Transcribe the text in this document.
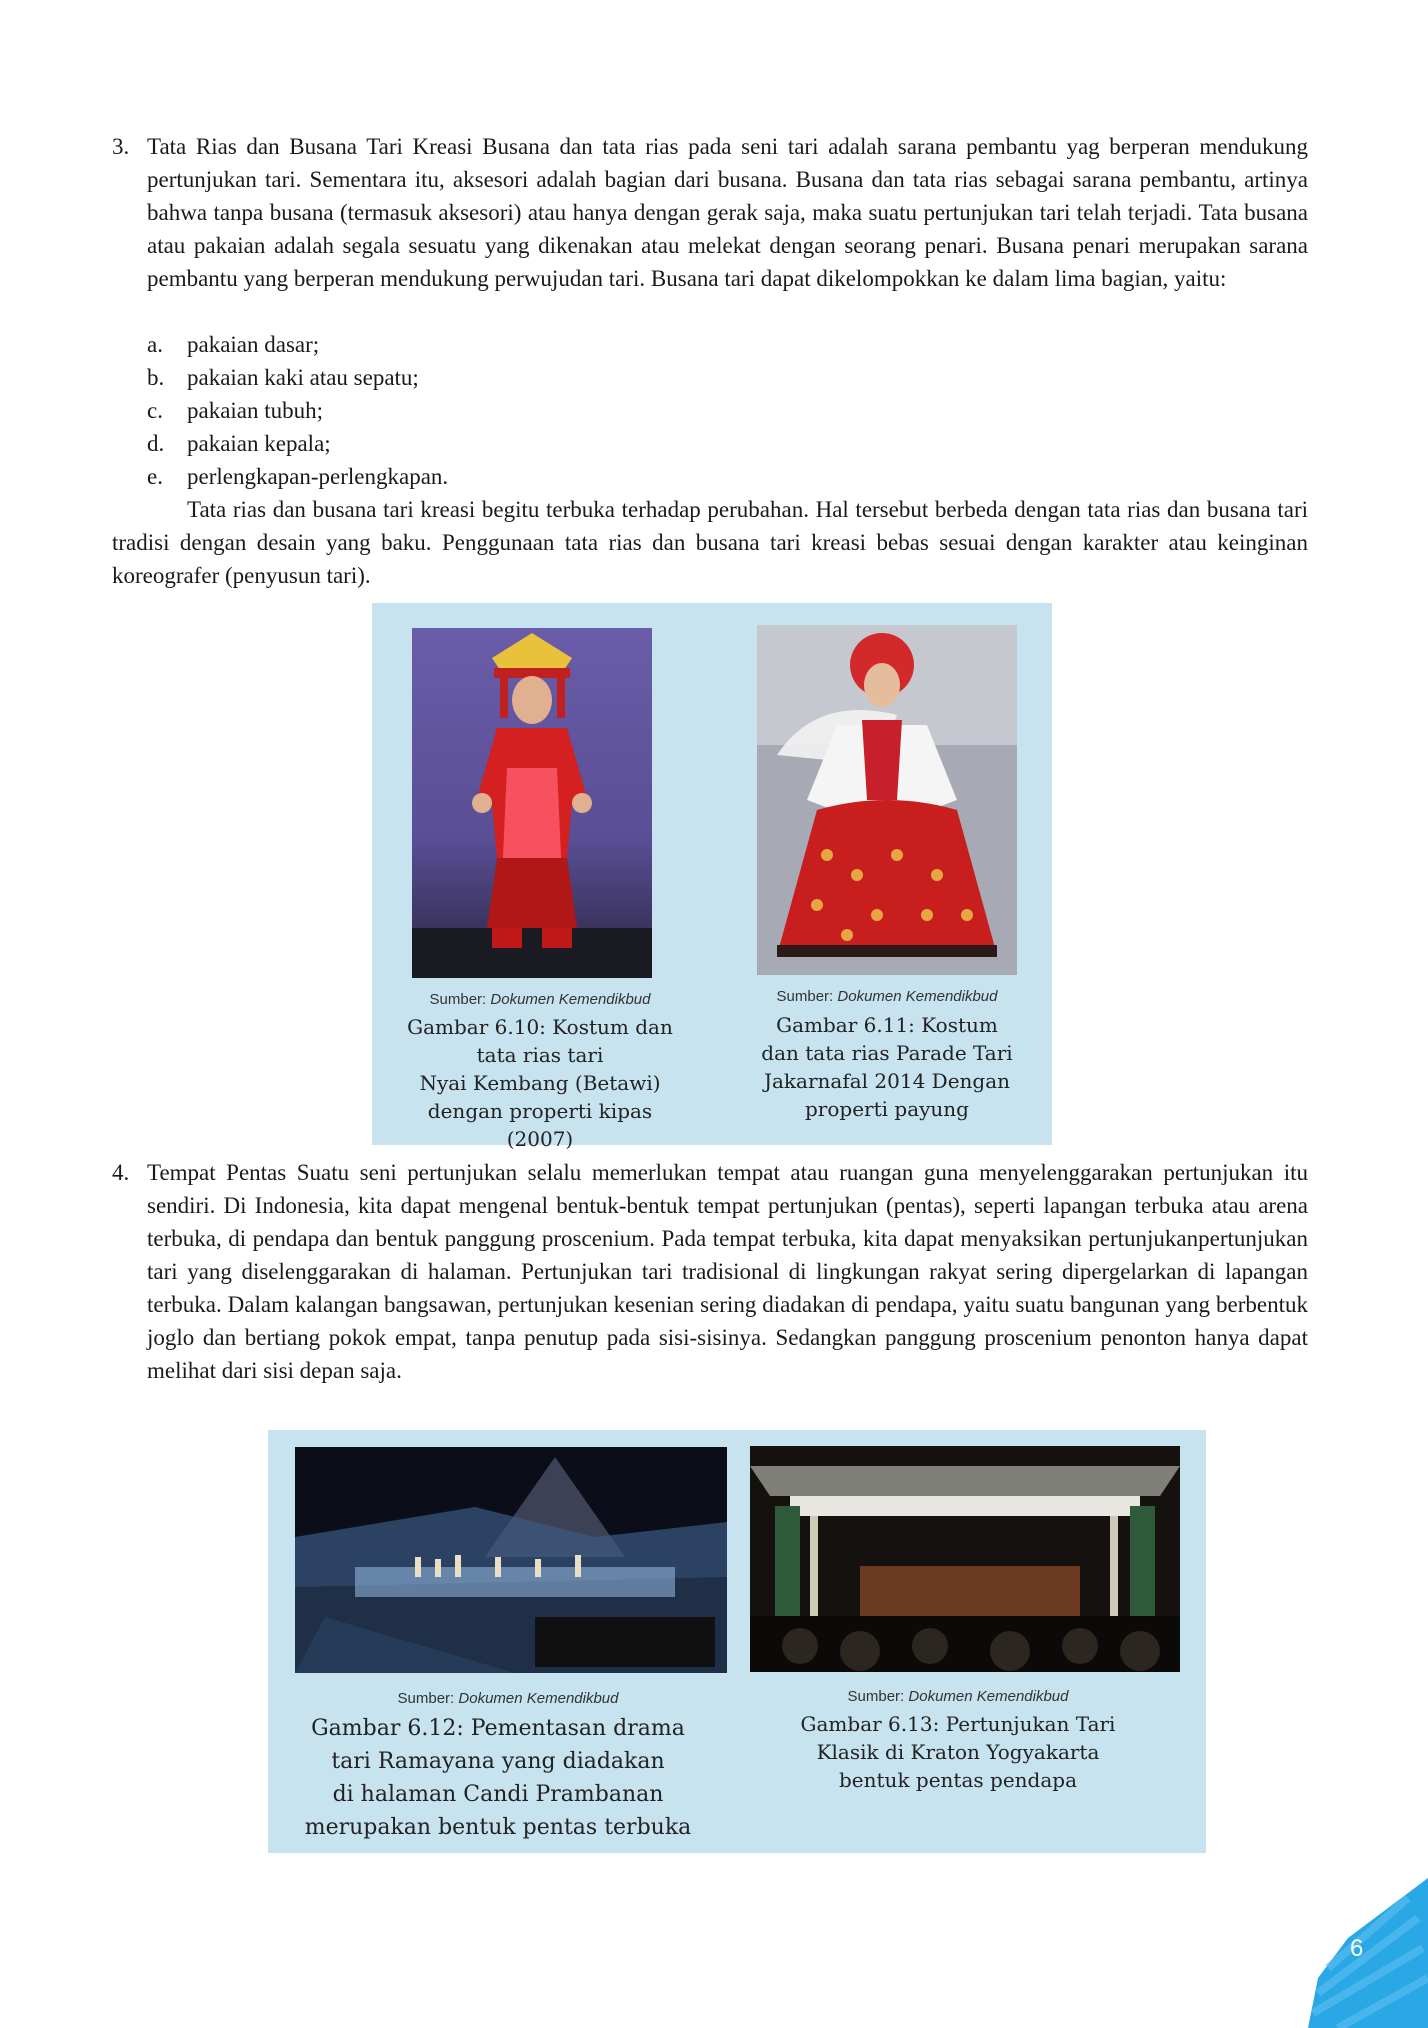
3. Tata Rias dan Busana Tari Kreasi Busana dan tata rias pada seni tari adalah sarana pembantu yag berperan mendukung pertunjukan tari. Sementara itu, aksesori adalah bagian dari busana. Busana dan tata rias sebagai sarana pembantu, artinya bahwa tanpa busana (termasuk aksesori) atau hanya dengan gerak saja, maka suatu pertunjukan tari telah terjadi. Tata busana atau pakaian adalah segala sesuatu yang dikenakan atau melekat dengan seorang penari. Busana penari merupakan sarana pembantu yang berperan mendukung perwujudan tari. Busana tari dapat dikelompokkan ke dalam lima bagian, yaitu:

a. pakaian dasar;
b. pakaian kaki atau sepatu;
c. pakaian tubuh;
d. pakaian kepala;
e. perlengkapan-perlengkapan.

Tata rias dan busana tari kreasi begitu terbuka terhadap perubahan. Hal tersebut berbeda dengan tata rias dan busana tari tradisi dengan desain yang baku. Penggunaan tata rias dan busana tari kreasi bebas sesuai dengan karakter atau keinginan koreografer (penyusun tari).

Sumber: Dokumen Kemendikbud
Gambar 6.10: Kostum dan
tata rias tari
Nyai Kembang (Betawi)
dengan properti kipas
(2007)
Sumber: Dokumen Kemendikbud
Gambar 6.11: Kostum
dan tata rias Parade Tari
Jakarnafal 2014 Dengan
properti payung
4. Tempat Pentas Suatu seni pertunjukan selalu memerlukan tempat atau ruangan guna menyelenggarakan pertunjukan itu sendiri. Di Indonesia, kita dapat mengenal bentuk-bentuk tempat pertunjukan (pentas), seperti lapangan terbuka atau arena terbuka, di pendapa dan bentuk panggung proscenium. Pada tempat terbuka, kita dapat menyaksikan pertunjukanpertunjukan tari yang diselenggarakan di halaman. Pertunjukan tari tradisional di lingkungan rakyat sering dipergelarkan di lapangan terbuka. Dalam kalangan bangsawan, pertunjukan kesenian sering diadakan di pendapa, yaitu suatu bangunan yang berbentuk joglo dan bertiang pokok empat, tanpa penutup pada sisi-sisinya. Sedangkan panggung proscenium penonton hanya dapat melihat dari sisi depan saja.

Sumber: Dokumen Kemendikbud
Gambar 6.12: Pementasan drama
tari Ramayana yang diadakan
di halaman Candi Prambanan
merupakan bentuk pentas terbuka
Sumber: Dokumen Kemendikbud
Gambar 6.13: Pertunjukan Tari
Klasik di Kraton Yogyakarta
bentuk pentas pendapa
6
